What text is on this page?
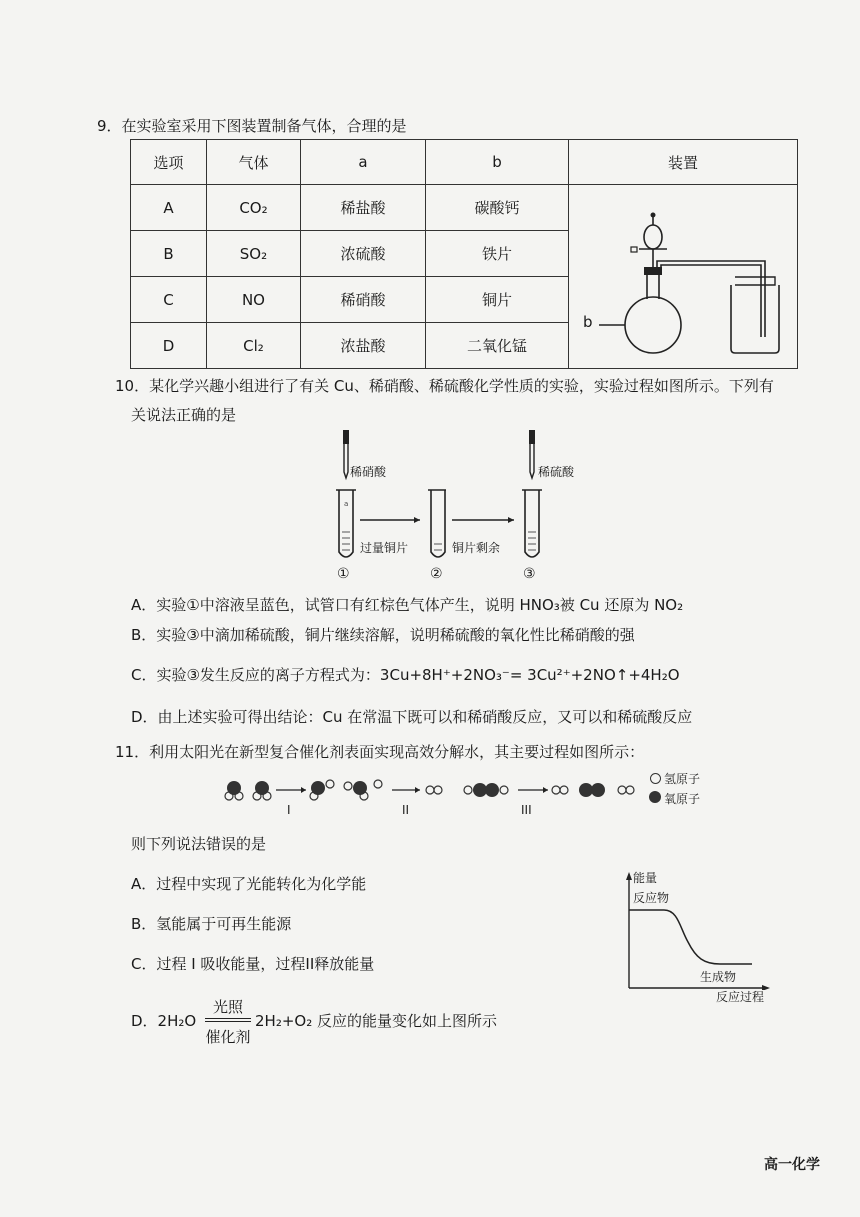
9．在实验室采用下图装置制备气体，合理的是
选项	气体	a	b	装置
A	CO₂	稀盐酸	碳酸钙	b

B	SO₂	浓硫酸	铁片	
C	NO	稀硝酸	铜片	
D	Cl₂	浓盐酸	二氧化锰	
10．某化学兴趣小组进行了有关 Cu、稀硝酸、稀硫酸化学性质的实验，实验过程如图所示。下列有
关说法正确的是
a
稀硝酸	稀硫酸
过量铜片	铜片剩余
①	②	③
A．实验①中溶液呈蓝色，试管口有红棕色气体产生，说明 HNO₃被 Cu 还原为 NO₂
B．实验③中滴加稀硫酸，铜片继续溶解，说明稀硫酸的氧化性比稀硝酸的强
C．实验③发生反应的离子方程式为：3Cu+8H⁺+2NO₃⁻= 3Cu²⁺+2NO↑+4H₂O
D．由上述实验可得出结论：Cu 在常温下既可以和稀硝酸反应，又可以和稀硫酸反应
11．利用太阳光在新型复合催化剂表面实现高效分解水，其主要过程如图所示：
I	II	III
氢原子
氧原子
则下列说法错误的是
A．过程中实现了光能转化为化学能
B．氢能属于可再生能源
C．过程 I 吸收能量，过程II释放能量
D．2H₂O
光照
催化剂
2H₂+O₂ 反应的能量变化如上图所示
能量
反应物
生成物
反应过程
高一化学
